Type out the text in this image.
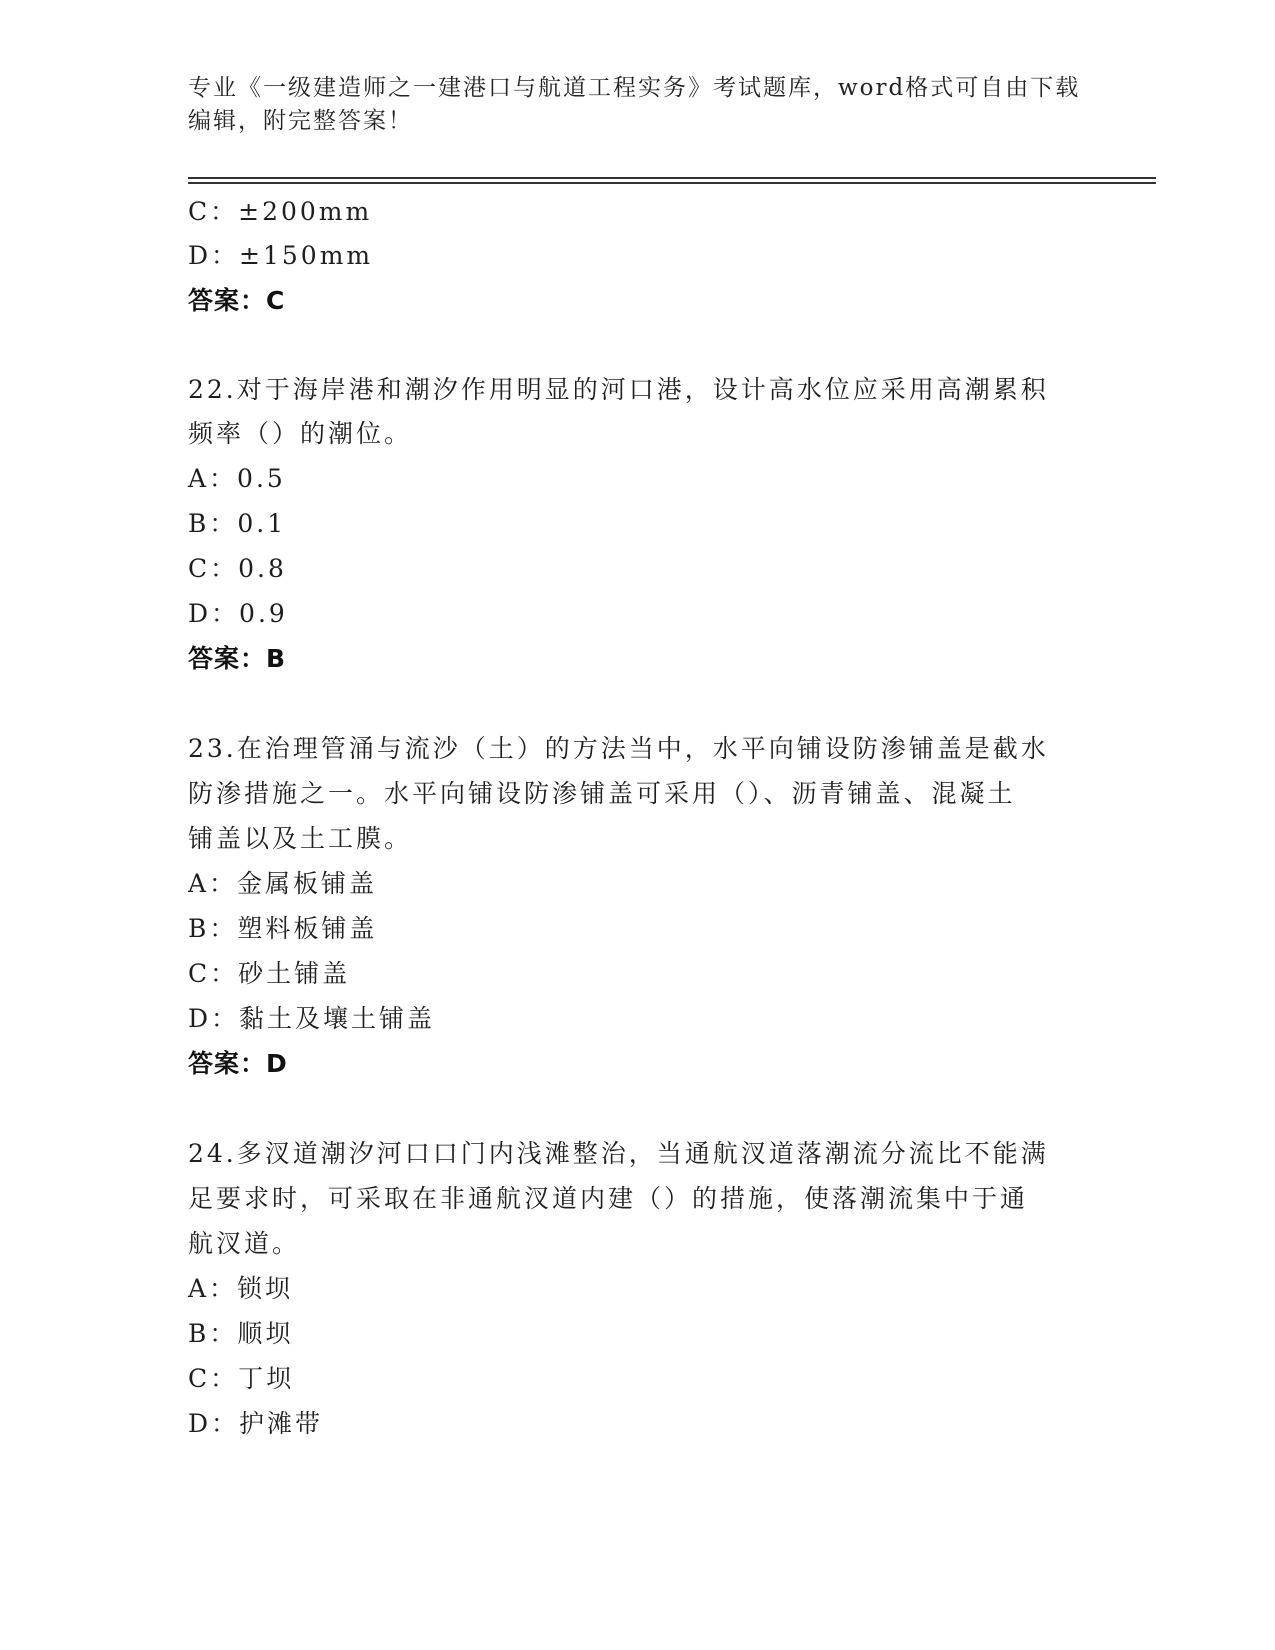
专业《一级建造师之一建港口与航道工程实务》考试题库，word格式可自由下载
编辑，附完整答案！
C：±200mm
D：±150mm
答案：C
22.对于海岸港和潮汐作用明显的河口港，设计高水位应采用高潮累积
频率（）的潮位。
A：0.5
B：0.1
C：0.8
D：0.9
答案：B
23.在治理管涌与流沙（土）的方法当中，水平向铺设防渗铺盖是截水
防渗措施之一。水平向铺设防渗铺盖可采用（）、沥青铺盖、混凝土
铺盖以及土工膜。
A：金属板铺盖
B：塑料板铺盖
C：砂土铺盖
D：黏土及壤土铺盖
答案：D
24.多汊道潮汐河口口门内浅滩整治，当通航汊道落潮流分流比不能满
足要求时，可采取在非通航汊道内建（）的措施，使落潮流集中于通
航汊道。
A：锁坝
B：顺坝
C：丁坝
D：护滩带
